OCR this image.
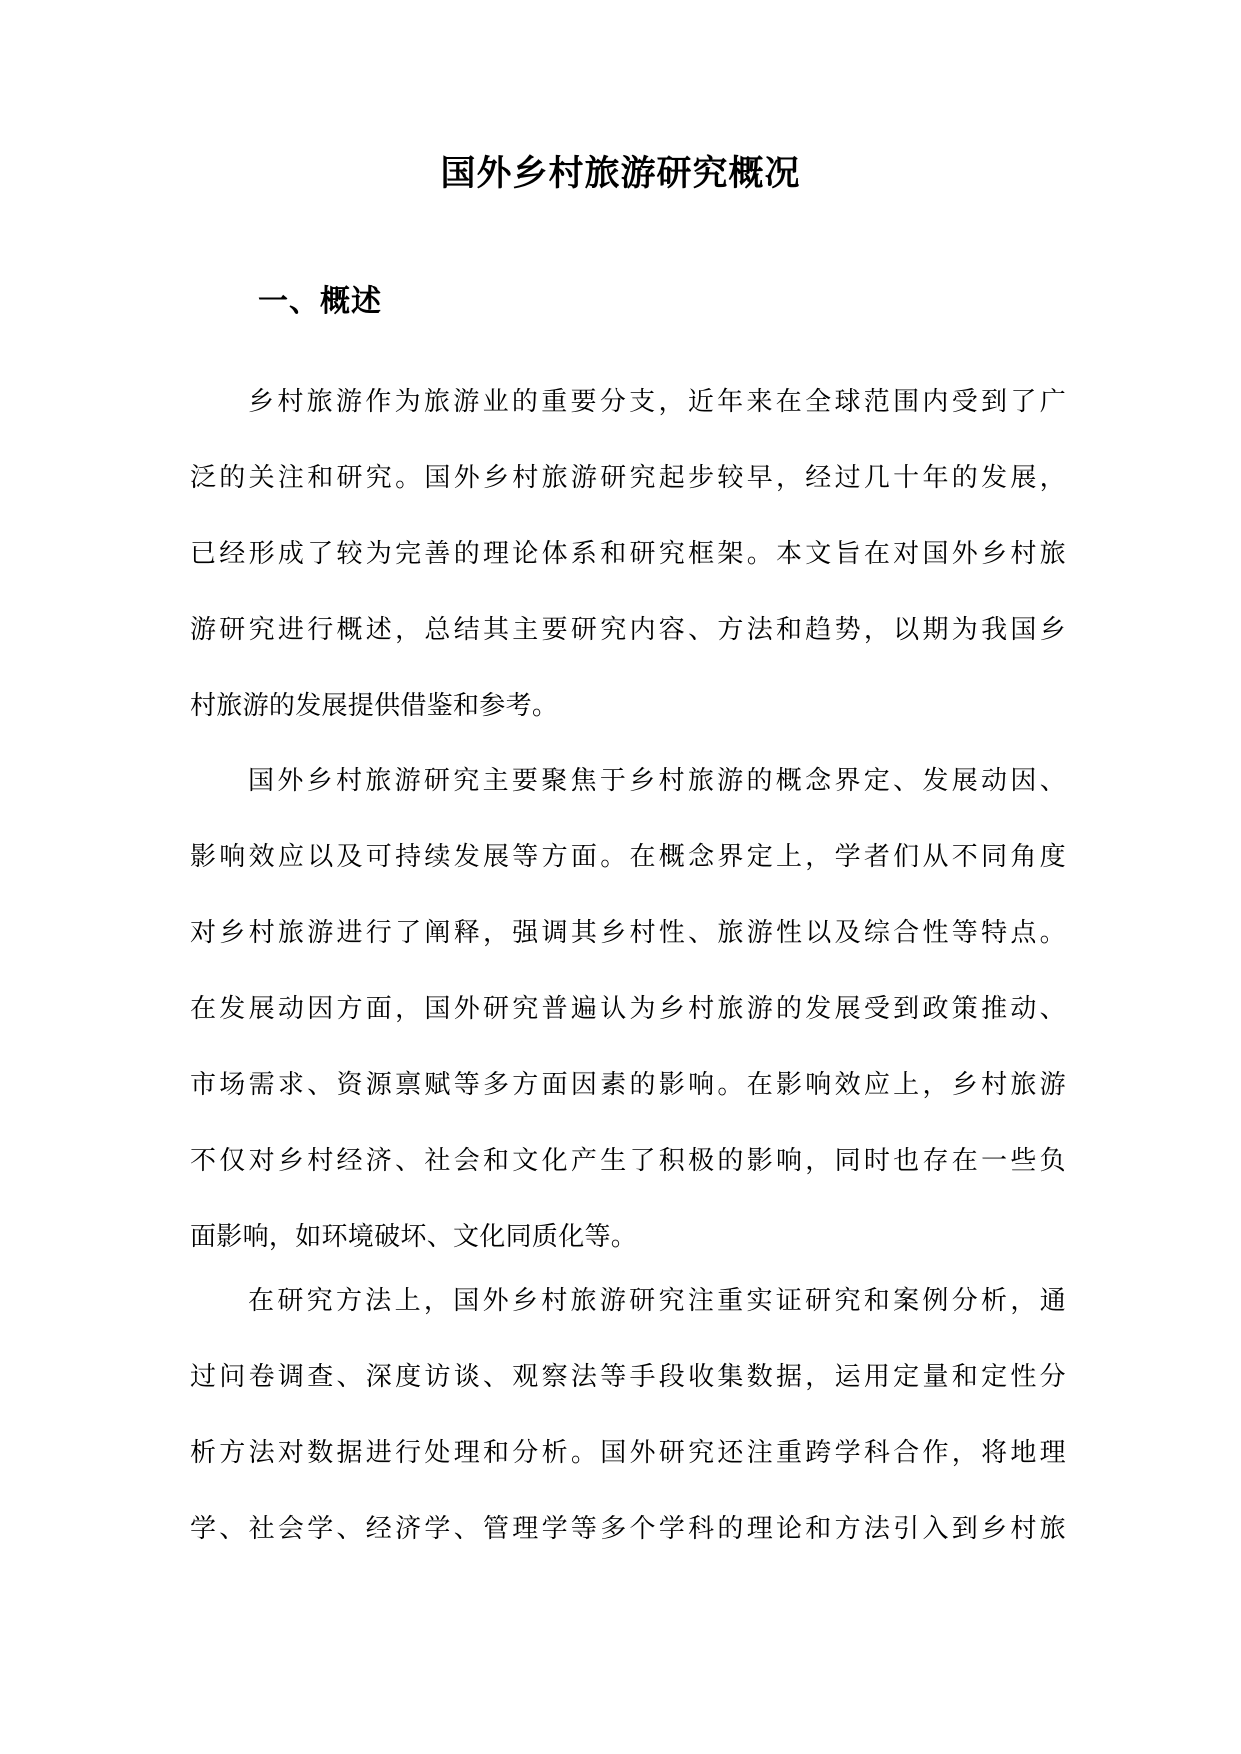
国外乡村旅游研究概况
一、概述
乡村旅游作为旅游业的重要分支，近年来在全球范围内受到了广
泛的关注和研究。国外乡村旅游研究起步较早，经过几十年的发展，
已经形成了较为完善的理论体系和研究框架。本文旨在对国外乡村旅
游研究进行概述，总结其主要研究内容、方法和趋势，以期为我国乡
村旅游的发展提供借鉴和参考。
国外乡村旅游研究主要聚焦于乡村旅游的概念界定、发展动因、
影响效应以及可持续发展等方面。在概念界定上，学者们从不同角度
对乡村旅游进行了阐释，强调其乡村性、旅游性以及综合性等特点。
在发展动因方面，国外研究普遍认为乡村旅游的发展受到政策推动、
市场需求、资源禀赋等多方面因素的影响。在影响效应上，乡村旅游
不仅对乡村经济、社会和文化产生了积极的影响，同时也存在一些负
面影响，如环境破坏、文化同质化等。
在研究方法上，国外乡村旅游研究注重实证研究和案例分析，通
过问卷调查、深度访谈、观察法等手段收集数据，运用定量和定性分
析方法对数据进行处理和分析。国外研究还注重跨学科合作，将地理
学、社会学、经济学、管理学等多个学科的理论和方法引入到乡村旅
